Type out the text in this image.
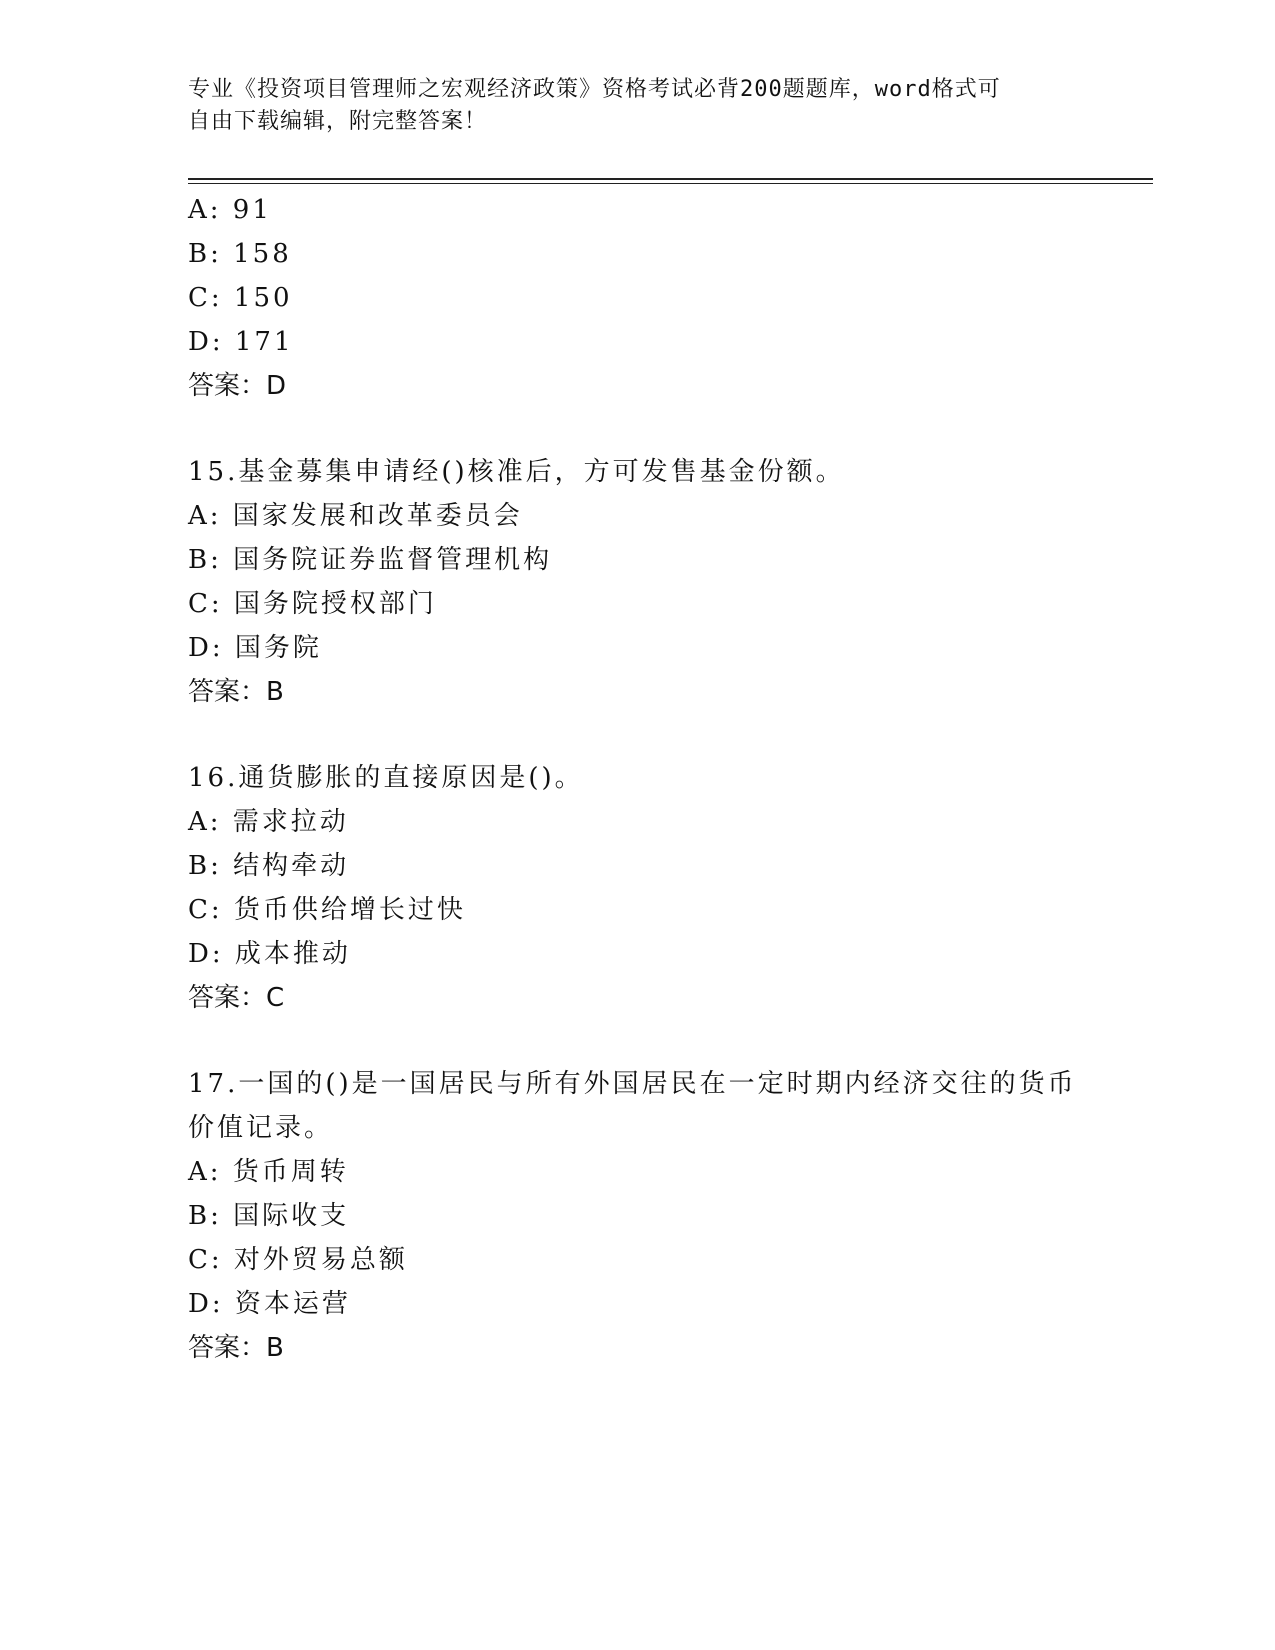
专业《投资项目管理师之宏观经济政策》资格考试必背200题题库，word格式可
自由下载编辑，附完整答案！
A: 91
B: 158
C: 150
D: 171
答案：D
15.基金募集申请经()核准后，方可发售基金份额。
A: 国家发展和改革委员会
B: 国务院证券监督管理机构
C: 国务院授权部门
D: 国务院
答案：B
16.通货膨胀的直接原因是()。
A: 需求拉动
B: 结构牵动
C: 货币供给增长过快
D: 成本推动
答案：C
17.一国的()是一国居民与所有外国居民在一定时期内经济交往的货币
价值记录。
A: 货币周转
B: 国际收支
C: 对外贸易总额
D: 资本运营
答案：B
